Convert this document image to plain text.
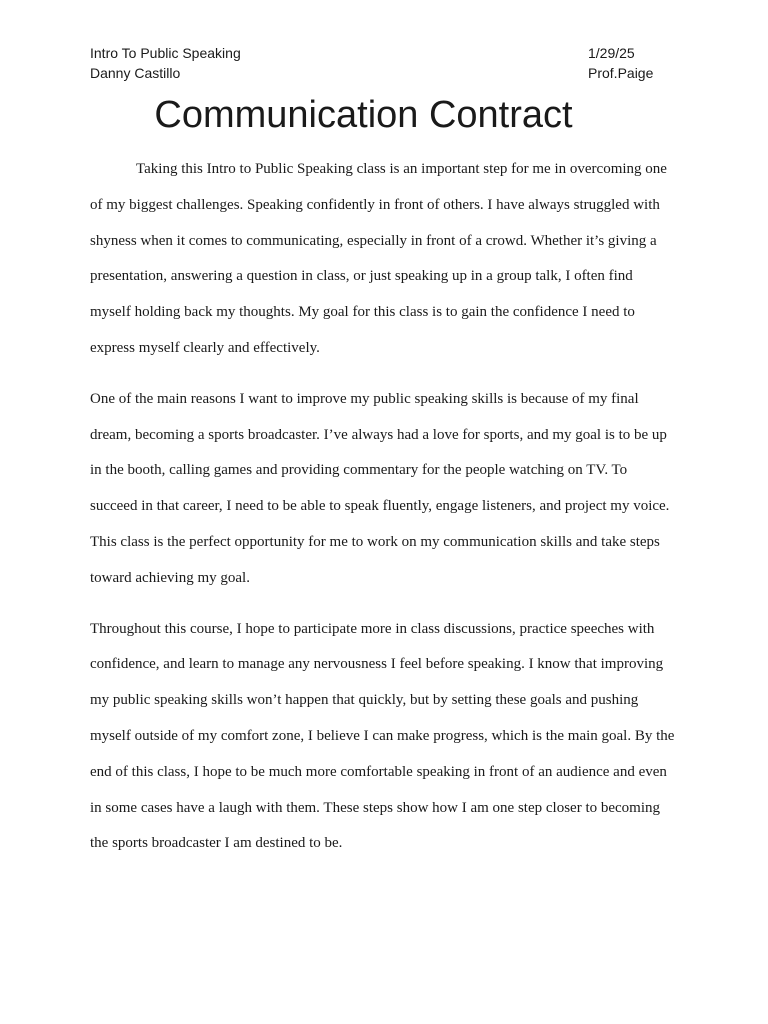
Intro To Public Speaking
Danny Castillo
1/29/25
Prof.Paige
Communication Contract

Taking this Intro to Public Speaking class is an important step for me in overcoming one
of my biggest challenges. Speaking confidently in front of others. I have always struggled with
shyness when it comes to communicating, especially in front of a crowd. Whether it’s giving a
presentation, answering a question in class, or just speaking up in a group talk, I often find
myself holding back my thoughts. My goal for this class is to gain the confidence I need to
express myself clearly and effectively.

One of the main reasons I want to improve my public speaking skills is because of my final
dream, becoming a sports broadcaster. I’ve always had a love for sports, and my goal is to be up
in the booth, calling games and providing commentary for the people watching on TV. To
succeed in that career, I need to be able to speak fluently, engage listeners, and project my voice.
This class is the perfect opportunity for me to work on my communication skills and take steps
toward achieving my goal.

Throughout this course, I hope to participate more in class discussions, practice speeches with
confidence, and learn to manage any nervousness I feel before speaking. I know that improving
my public speaking skills won’t happen that quickly, but by setting these goals and pushing
myself outside of my comfort zone, I believe I can make progress, which is the main goal. By the
end of this class, I hope to be much more comfortable speaking in front of an audience and even
in some cases have a laugh with them. These steps show how I am one step closer to becoming
the sports broadcaster I am destined to be.
